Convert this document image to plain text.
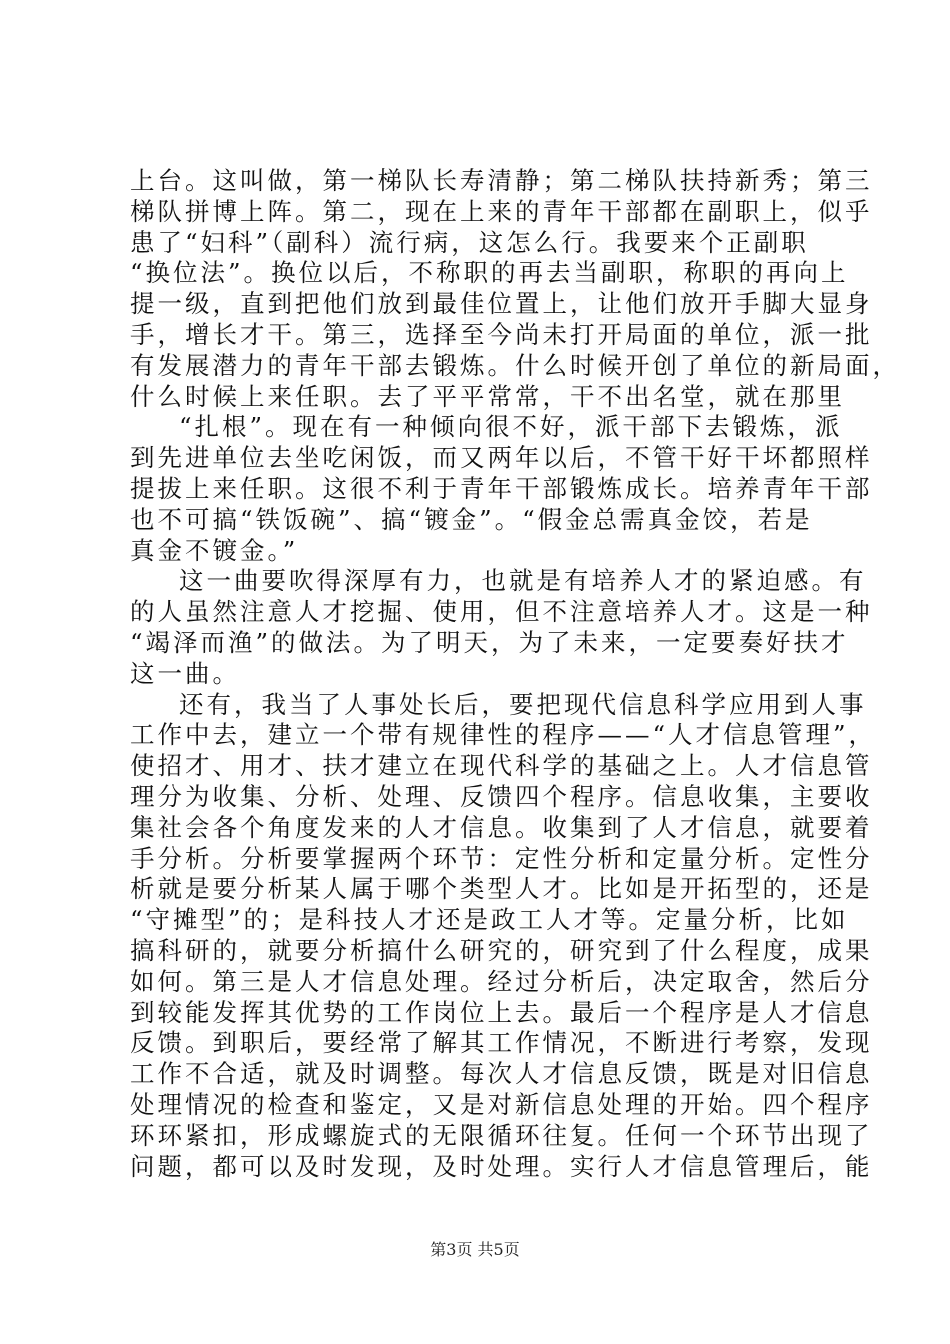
上台。这叫做，第一梯队长寿清静；第二梯队扶持新秀；第三
梯队拼博上阵。第二，现在上来的青年干部都在副职上，似乎
患了“妇科”（副科）流行病，这怎么行。我要来个正副职
“换位法”。换位以后，不称职的再去当副职，称职的再向上
提一级，直到把他们放到最佳位置上，让他们放开手脚大显身
手，增长才干。第三，选择至今尚未打开局面的单位，派一批
有发展潜力的青年干部去锻炼。什么时候开创了单位的新局面，
什么时候上来任职。去了平平常常，干不出名堂，就在那里
“扎根”。现在有一种倾向很不好，派干部下去锻炼，派
到先进单位去坐吃闲饭，而又两年以后，不管干好干坏都照样
提拔上来任职。这很不利于青年干部锻炼成长。培养青年干部
也不可搞“铁饭碗”、搞“镀金”。“假金总需真金饺，若是
真金不镀金。”
这一曲要吹得深厚有力，也就是有培养人才的紧迫感。有
的人虽然注意人才挖掘、使用，但不注意培养人才。这是一种
“竭泽而渔”的做法。为了明天，为了未来，一定要奏好扶才
这一曲。
还有，我当了人事处长后，要把现代信息科学应用到人事
工作中去，建立一个带有规律性的程序——“人才信息管理”，
使招才、用才、扶才建立在现代科学的基础之上。人才信息管
理分为收集、分析、处理、反馈四个程序。信息收集，主要收
集社会各个角度发来的人才信息。收集到了人才信息，就要着
手分析。分析要掌握两个环节：定性分析和定量分析。定性分
析就是要分析某人属于哪个类型人才。比如是开拓型的，还是
“守摊型”的；是科技人才还是政工人才等。定量分析，比如
搞科研的，就要分析搞什么研究的，研究到了什么程度，成果
如何。第三是人才信息处理。经过分析后，决定取舍，然后分
到较能发挥其优势的工作岗位上去。最后一个程序是人才信息
反馈。到职后，要经常了解其工作情况，不断进行考察，发现
工作不合适，就及时调整。每次人才信息反馈，既是对旧信息
处理情况的检查和鉴定，又是对新信息处理的开始。四个程序
环环紧扣，形成螺旋式的无限循环往复。任何一个环节出现了
问题，都可以及时发现，及时处理。实行人才信息管理后，能
第3页 共5页
